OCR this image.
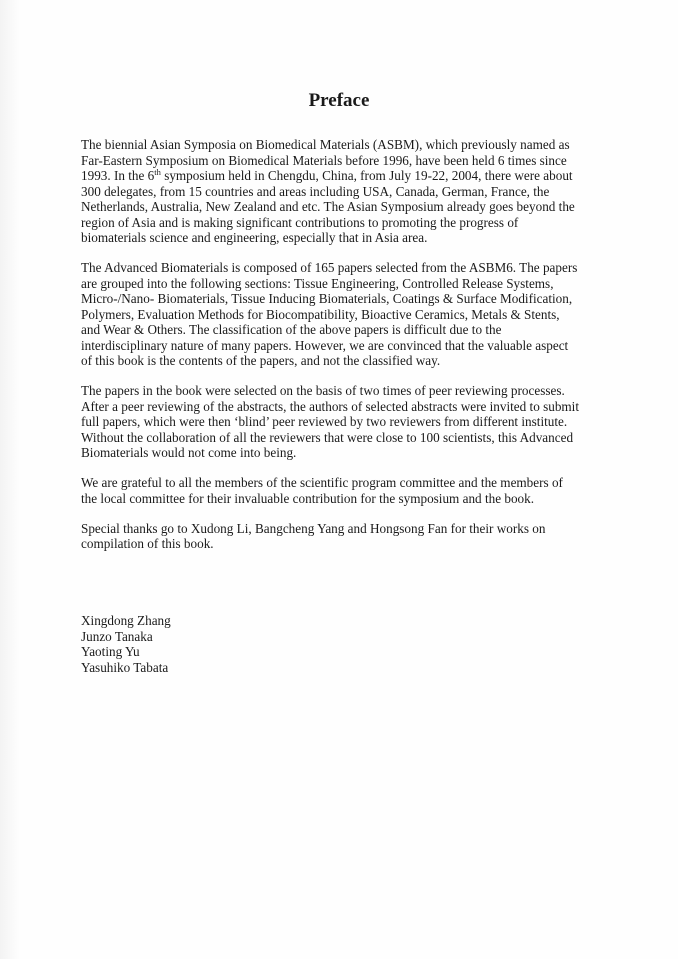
Preface

The biennial Asian Symposia on Biomedical Materials (ASBM), which previously named as
Far-Eastern Symposium on Biomedical Materials before 1996, have been held 6 times since
1993. In the 6th symposium held in Chengdu, China, from July 19-22, 2004, there were about
300 delegates, from 15 countries and areas including USA, Canada, German, France, the
Netherlands, Australia, New Zealand and etc. The Asian Symposium already goes beyond the
region of Asia and is making significant contributions to promoting the progress of
biomaterials science and engineering, especially that in Asia area.

The Advanced Biomaterials is composed of 165 papers selected from the ASBM6. The papers
are grouped into the following sections: Tissue Engineering, Controlled Release Systems,
Micro-/Nano- Biomaterials, Tissue Inducing Biomaterials, Coatings & Surface Modification,
Polymers, Evaluation Methods for Biocompatibility, Bioactive Ceramics, Metals & Stents,
and Wear & Others. The classification of the above papers is difficult due to the
interdisciplinary nature of many papers. However, we are convinced that the valuable aspect
of this book is the contents of the papers, and not the classified way.

The papers in the book were selected on the basis of two times of peer reviewing processes.
After a peer reviewing of the abstracts, the authors of selected abstracts were invited to submit
full papers, which were then ‘blind’ peer reviewed by two reviewers from different institute.
Without the collaboration of all the reviewers that were close to 100 scientists, this Advanced
Biomaterials would not come into being.

We are grateful to all the members of the scientific program committee and the members of
the local committee for their invaluable contribution for the symposium and the book.

Special thanks go to Xudong Li, Bangcheng Yang and Hongsong Fan for their works on
compilation of this book.

Xingdong Zhang
Junzo Tanaka
Yaoting Yu
Yasuhiko Tabata
